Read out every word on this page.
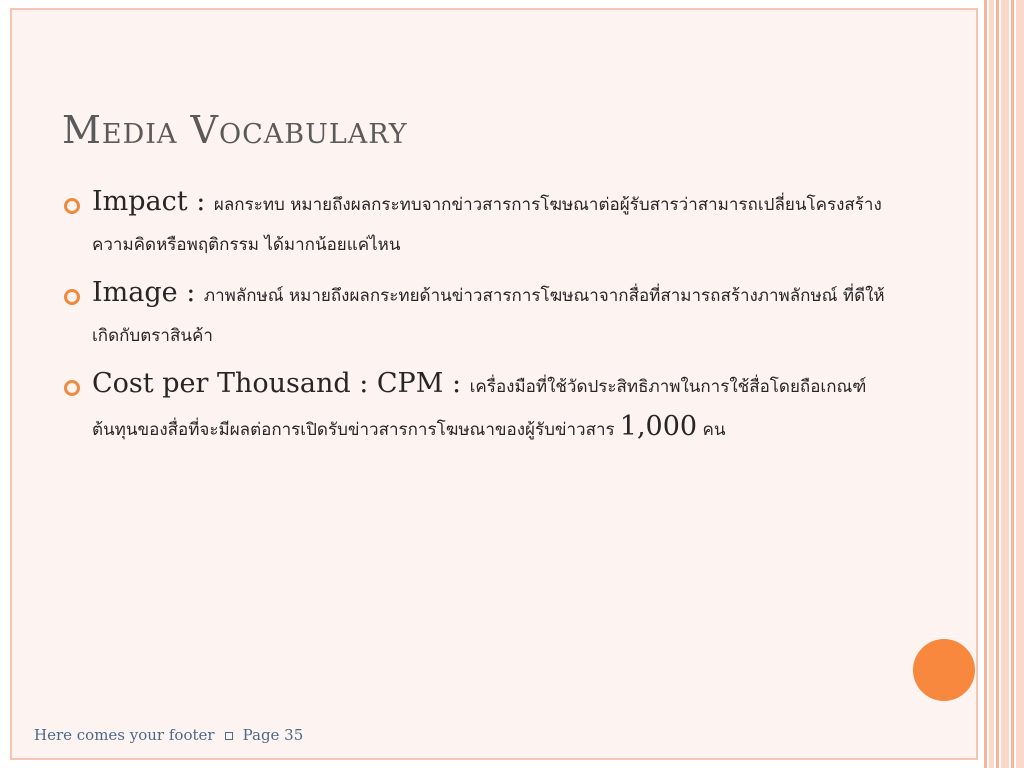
Media Vocabulary
Impact : ผลกระทบ หมายถึงผลกระทบจากข่าวสารการโฆษณาต่อผู้รับสารว่าสามารถเปลี่ยนโครงสร้างความคิดหรือพฤติกรรม ได้มากน้อยแค่ไหน
Image : ภาพลักษณ์ หมายถึงผลกระทยด้านข่าวสารการโฆษณาจากสื่อที่สามารถสร้างภาพลักษณ์ ที่ดีให้เกิดกับตราสินค้า
Cost per Thousand : CPM : เครื่องมือที่ใช้วัดประสิทธิภาพในการใช้สื่อโดยถือเกณฑ์ ต้นทุนของสื่อที่จะมีผลต่อการเปิดรับข่าวสารการโฆษณาของผู้รับข่าวสาร 1,000 คน
Here comes your footer Page 35
